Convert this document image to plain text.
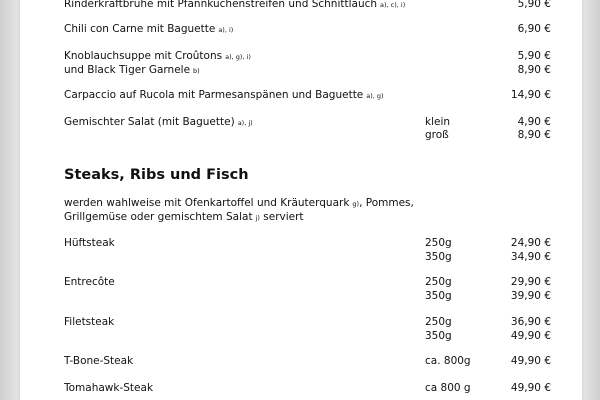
Rinderkraftbrühe mit Pfannkuchenstreifen und Schnittlauch a), c), i)	5,90 €
Chili con Carne mit Baguette a), i)	6,90 €
Knoblauchsuppe mit Croûtons a), g), i)	5,90 €
und Black Tiger Garnele b)	8,90 €
Carpaccio auf Rucola mit Parmesanspänen und Baguette a), g)	14,90 €
Gemischter Salat (mit Baguette) a), j)	klein	4,90 €
groß	8,90 €
Steaks, Ribs und Fisch
werden wahlweise mit Ofenkartoffel und Kräuterquark g), Pommes,
Grillgemüse oder gemischtem Salat j) serviert
Hüftsteak	250g	24,90 €
350g	34,90 €
Entrecôte	250g	29,90 €
350g	39,90 €
Filetsteak	250g	36,90 €
350g	49,90 €
T-Bone-Steak	ca. 800g	49,90 €
Tomahawk-Steak	ca 800 g	49,90 €
